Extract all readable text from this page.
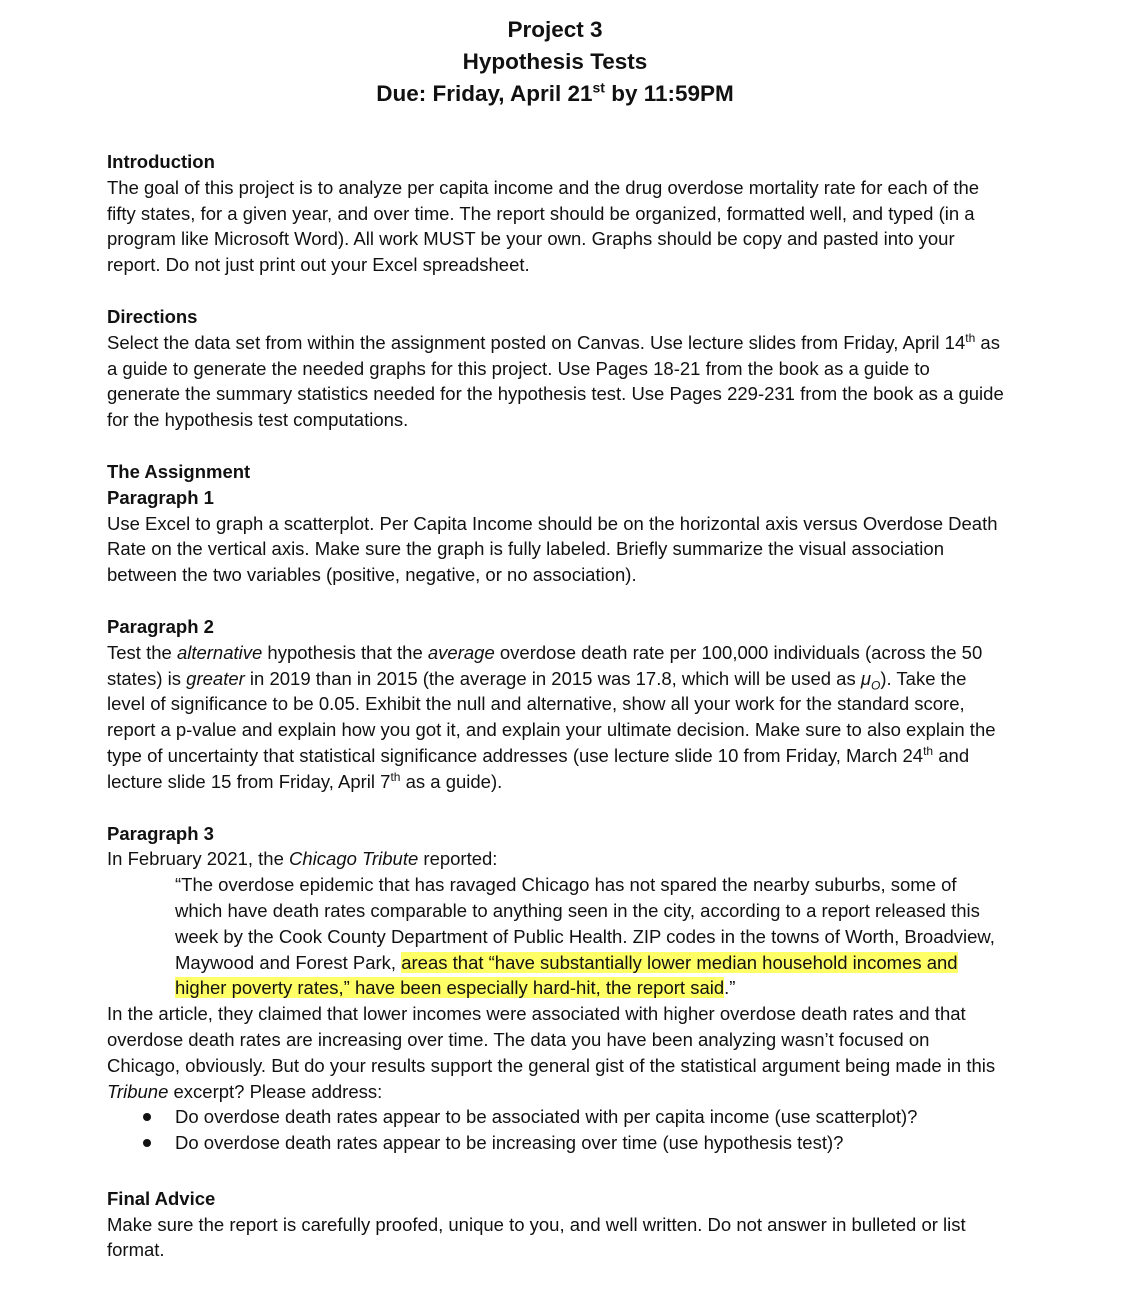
Project 3
Hypothesis Tests
Due: Friday, April 21st by 11:59PM
Introduction

The goal of this project is to analyze per capita income and the drug overdose mortality rate for each of the fifty states, for a given year, and over time. The report should be organized, formatted well, and typed (in a program like Microsoft Word). All work MUST be your own. Graphs should be copy and pasted into your report. Do not just print out your Excel spreadsheet.

Directions

Select the data set from within the assignment posted on Canvas. Use lecture slides from Friday, April 14th as a guide to generate the needed graphs for this project. Use Pages 18-21 from the book as a guide to generate the summary statistics needed for the hypothesis test. Use Pages 229-231 from the book as a guide for the hypothesis test computations.

The Assignment
Paragraph 1

Use Excel to graph a scatterplot. Per Capita Income should be on the horizontal axis versus Overdose Death Rate on the vertical axis. Make sure the graph is fully labeled. Briefly summarize the visual association between the two variables (positive, negative, or no association).

Paragraph 2

Test the alternative hypothesis that the average overdose death rate per 100,000 individuals (across the 50 states) is greater in 2019 than in 2015 (the average in 2015 was 17.8, which will be used as $\mu_O$). Take the level of significance to be 0.05. Exhibit the null and alternative, show all your work for the standard score, report a p-value and explain how you got it, and explain your ultimate decision. Make sure to also explain the type of uncertainty that statistical significance addresses (use lecture slide 10 from Friday, March 24th and lecture slide 15 from Friday, April 7th as a guide).

Paragraph 3

In February 2021, the Chicago Tribute reported:

“The overdose epidemic that has ravaged Chicago has not spared the nearby suburbs, some of which have death rates comparable to anything seen in the city, according to a report released this week by the Cook County Department of Public Health. ZIP codes in the towns of Worth, Broadview, Maywood and Forest Park, areas that “have substantially lower median household incomes and higher poverty rates,” have been especially hard-hit, the report said.”

In the article, they claimed that lower incomes were associated with higher overdose death rates and that overdose death rates are increasing over time. The data you have been analyzing wasn’t focused on Chicago, obviously. But do your results support the general gist of the statistical argument being made in this Tribune excerpt? Please address:

Do overdose death rates appear to be associated with per capita income (use scatterplot)?
Do overdose death rates appear to be increasing over time (use hypothesis test)?
Final Advice

Make sure the report is carefully proofed, unique to you, and well written. Do not answer in bulleted or list format.
